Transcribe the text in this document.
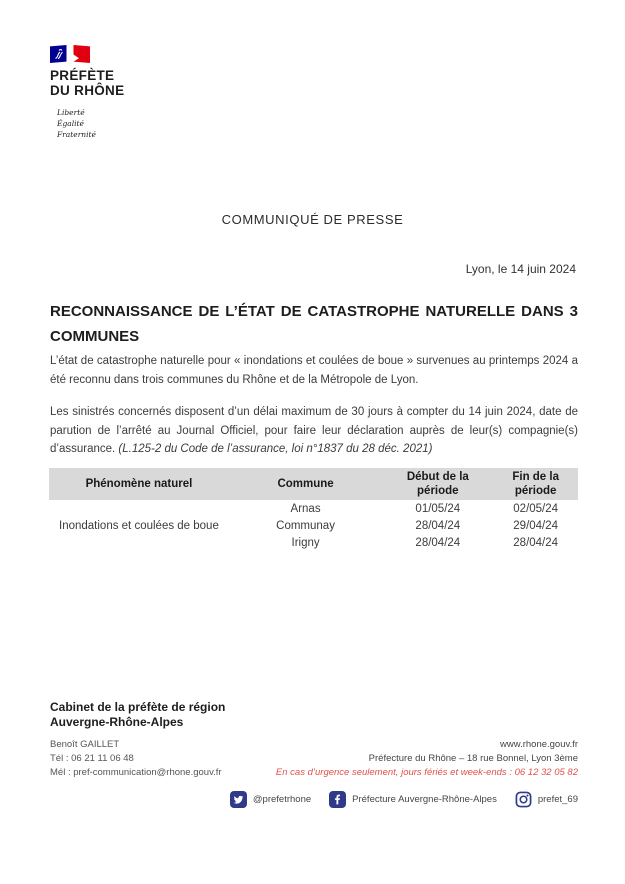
PRÉFÈTE
DU RHÔNE
Liberté
Égalité
Fraternité
COMMUNIQUÉ DE PRESSE
Lyon, le 14 juin 2024
RECONNAISSANCE DE L’ÉTAT DE CATASTROPHE NATURELLE DANS 3 COMMUNES

L’état de catastrophe naturelle pour « inondations et coulées de boue » survenues au printemps 2024 a été reconnu dans trois communes du Rhône et de la Métropole de Lyon.

Les sinistrés concernés disposent d’un délai maximum de 30 jours à compter du 14 juin 2024, date de parution de l’arrêté au Journal Officiel, pour faire leur déclaration auprès de leur(s) compagnie(s) d’assurance. (L.125-2 du Code de l’assurance, loi n°1837 du 28 déc. 2021)

Phénomène naturel	Commune	Début de la période	Fin de la période
Inondations et coulées de boue	Arnas	01/05/24	02/05/24
	Communay	28/04/24	29/04/24
	Irigny	28/04/24	28/04/24
Cabinet de la préfète de région
Auvergne-Rhône-Alpes
Benoît GAILLET
Tél : 06 21 11 06 48
Mél : pref-communication@rhone.gouv.fr
www.rhone.gouv.fr
Préfecture du Rhône – 18 rue Bonnel, Lyon 3ème
En cas d’urgence seulement, jours fériés et week-ends : 06 12 32 05 82
@prefetrhone	Préfecture Auvergne-Rhône-Alpes	prefet_69
